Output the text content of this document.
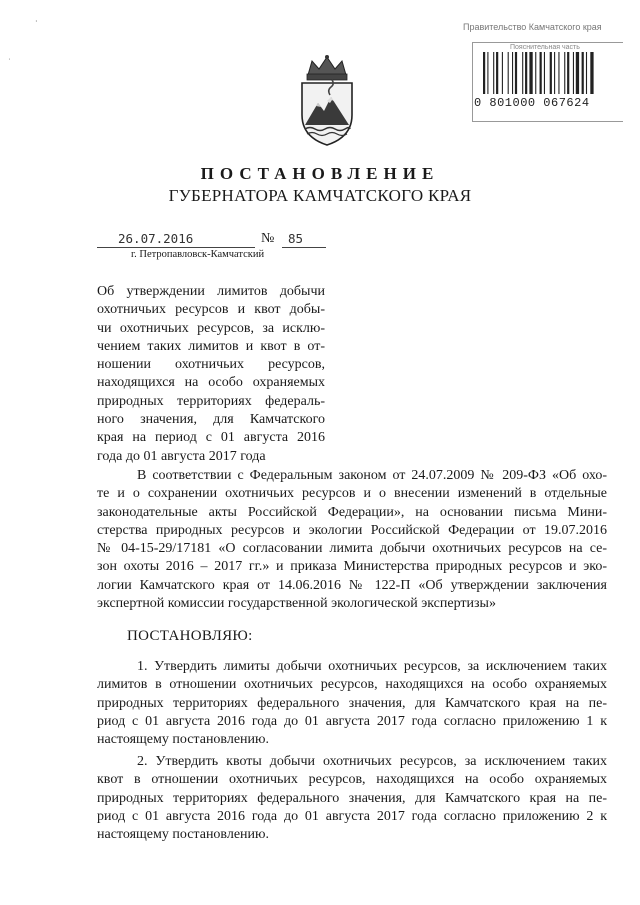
·
˙
Правительство Камчатского края
Пояснительная часть
0 801000 067624
ПОСТАНОВЛЕНИЕ
ГУБЕРНАТОРА КАМЧАТСКОГО КРАЯ
26.07.2016	№ 85
г. Петропавловск-Камчатский
Об утверждении лимитов добычи
охотничьих ресурсов и квот добы-
чи охотничьих ресурсов, за исклю-
чением таких лимитов и квот в от-
ношении охотничьих ресурсов,
находящихся на особо охраняемых
природных территориях федераль-
ного значения, для Камчатского
края на период с 01 августа 2016
года до 01 августа 2017 года
В соответствии с Федеральным законом от 24.07.2009 № 209-ФЗ «Об охо-
те и о сохранении охотничьих ресурсов и о внесении изменений в отдельные
законодательные акты Российской Федерации», на основании письма Мини-
стерства природных ресурсов и экологии Российской Федерации от 19.07.2016
№ 04-15-29/17181 «О согласовании лимита добычи охотничьих ресурсов на се-
зон охоты 2016 – 2017 гг.» и приказа Министерства природных ресурсов и эко-
логии Камчатского края от 14.06.2016 № 122-П «Об утверждении заключения
экспертной комиссии государственной экологической экспертизы»
ПОСТАНОВЛЯЮ:
1. Утвердить лимиты добычи охотничьих ресурсов, за исключением таких
лимитов в отношении охотничьих ресурсов, находящихся на особо охраняемых
природных территориях федерального значения, для Камчатского края на пе-
риод с 01 августа 2016 года до 01 августа 2017 года согласно приложению 1 к
настоящему постановлению.
2. Утвердить квоты добычи охотничьих ресурсов, за исключением таких
квот в отношении охотничьих ресурсов, находящихся на особо охраняемых
природных территориях федерального значения, для Камчатского края на пе-
риод с 01 августа 2016 года до 01 августа 2017 года согласно приложению 2 к
настоящему постановлению.
